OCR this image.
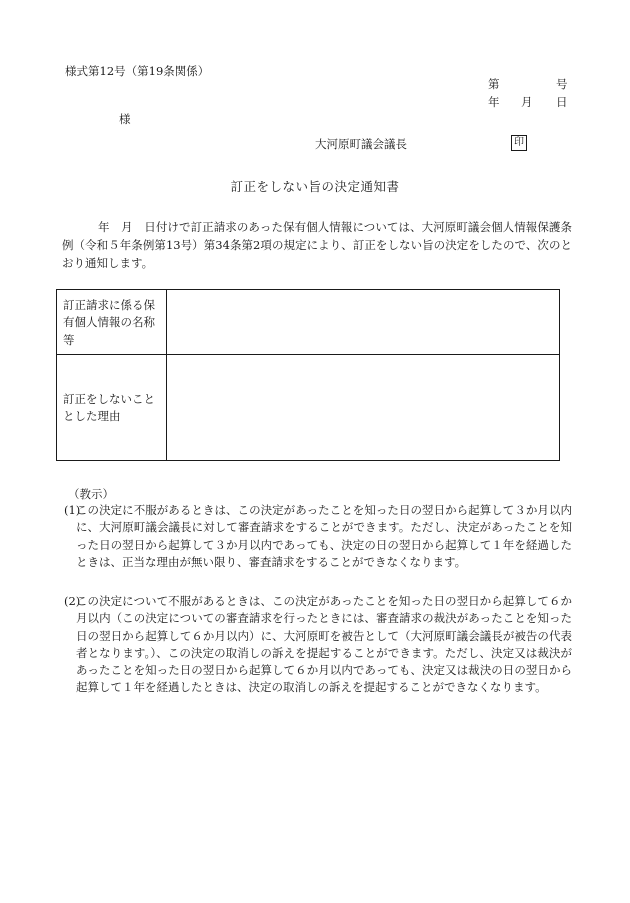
様式第12号（第19条関係）
第	号
年 月 日
様
大河原町議会議長	印
訂正をしない旨の決定通知書
年　月　日付けで訂正請求のあった保有個人情報については、大河原町議会個人情報保護条例（令和５年条例第13号）第34条第2項の規定により、訂正をしない旨の決定をしたので、次のとおり通知します。
訂正請求に係る保有個人情報の名称等
訂正をしないこととした理由
（教示）
(1)
この決定に不服があるときは、この決定があったことを知った日の翌日から起算して３か月以内に、大河原町議会議長に対して審査請求をすることができます。ただし、決定があったことを知った日の翌日から起算して３か月以内であっても、決定の日の翌日から起算して１年を経過したときは、正当な理由が無い限り、審査請求をすることができなくなります。
(2)
この決定について不服があるときは、この決定があったことを知った日の翌日から起算して６か月以内（この決定についての審査請求を行ったときには、審査請求の裁決があったことを知った日の翌日から起算して６か月以内）に、大河原町を被告として（大河原町議会議長が被告の代表者となります。）、この決定の取消しの訴えを提起することができます。ただし、決定又は裁決があったことを知った日の翌日から起算して６か月以内であっても、決定又は裁決の日の翌日から起算して１年を経過したときは、決定の取消しの訴えを提起することができなくなります。
